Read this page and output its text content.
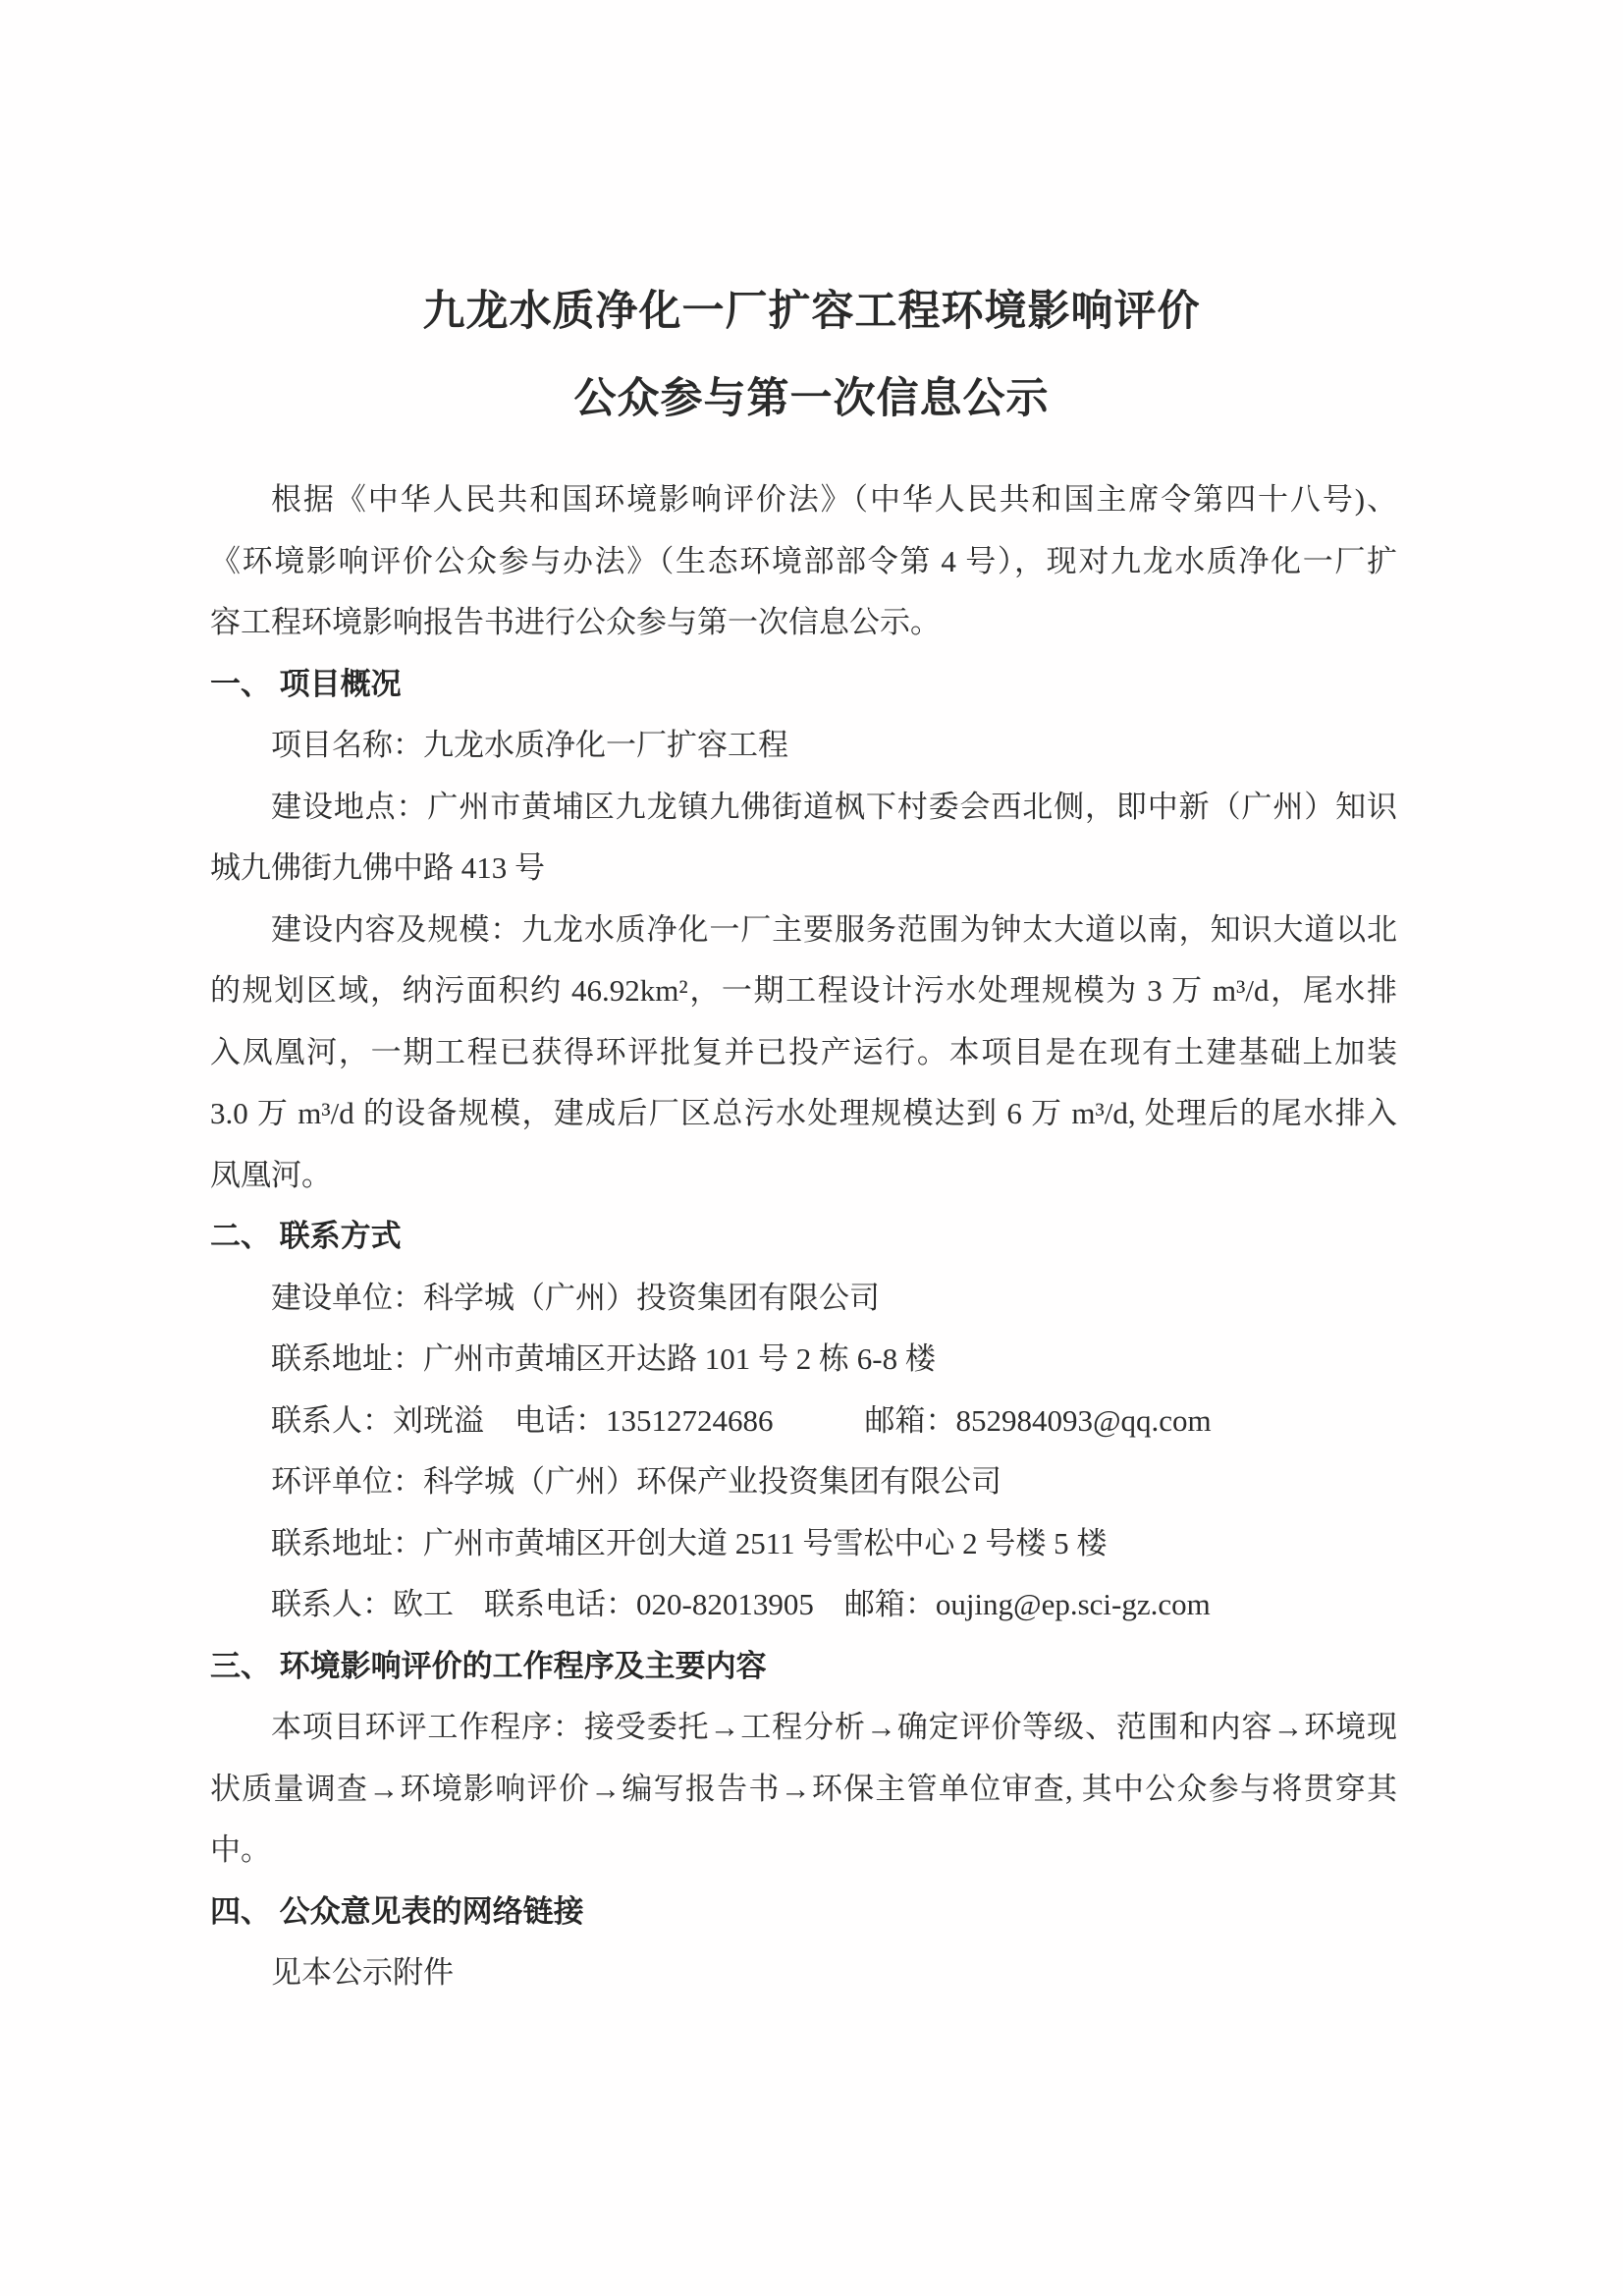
九龙水质净化一厂扩容工程环境影响评价
公众参与第一次信息公示
根据《中华人民共和国环境影响评价法》（中华人民共和国主席令第四十八号)、
《环境影响评价公众参与办法》（生态环境部部令第 4 号），现对九龙水质净化一厂扩
容工程环境影响报告书进行公众参与第一次信息公示。
一、 项目概况
项目名称：九龙水质净化一厂扩容工程
建设地点：广州市黄埔区九龙镇九佛街道枫下村委会西北侧，即中新（广州）知识
城九佛街九佛中路 413 号
建设内容及规模：九龙水质净化一厂主要服务范围为钟太大道以南，知识大道以北
的规划区域，纳污面积约 46.92km²，一期工程设计污水处理规模为 3 万 m³/d，尾水排
入凤凰河，一期工程已获得环评批复并已投产运行。本项目是在现有土建基础上加装
3.0 万 m³/d 的设备规模，建成后厂区总污水处理规模达到 6 万 m³/d, 处理后的尾水排入
凤凰河。
二、 联系方式
建设单位：科学城（广州）投资集团有限公司
联系地址：广州市黄埔区开达路 101 号 2 栋 6-8 楼
联系人：刘珖溢　电话：13512724686　　　邮箱：852984093@qq.com
环评单位：科学城（广州）环保产业投资集团有限公司
联系地址：广州市黄埔区开创大道 2511 号雪松中心 2 号楼 5 楼
联系人：欧工　联系电话：020-82013905　邮箱：oujing@ep.sci-gz.com
三、 环境影响评价的工作程序及主要内容
本项目环评工作程序：接受委托→工程分析→确定评价等级、范围和内容→环境现
状质量调查→环境影响评价→编写报告书→环保主管单位审查, 其中公众参与将贯穿其
中。
四、 公众意见表的网络链接
见本公示附件
